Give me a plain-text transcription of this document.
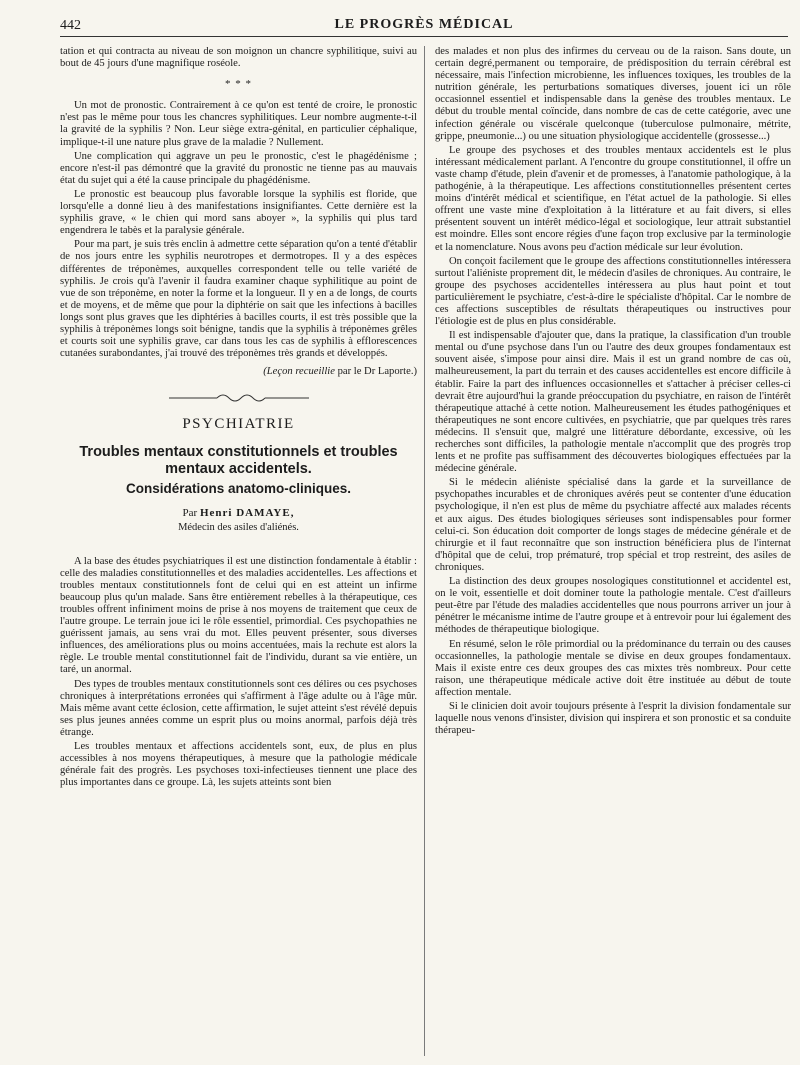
442	LE PROGRÈS MÉDICAL

tation et qui contracta au niveau de son moignon un chancre syphilitique, suivi au bout de 45 jours d'une magnifique roséole.

* * *

Un mot de pronostic. Contrairement à ce qu'on est tenté de croire, le pronostic n'est pas le même pour tous les chancres syphilitiques. Leur nombre augmente-t-il la gravité de la syphilis ? Non. Leur siège extra-génital, en particulier céphalique, implique-t-il une nature plus grave de la maladie ? Nullement.

Une complication qui aggrave un peu le pronostic, c'est le phagédénisme ; encore n'est-il pas démontré que la gravité du pronostic ne tienne pas au mauvais état du sujet qui a été la cause principale du phagédénisme.

Le pronostic est beaucoup plus favorable lorsque la syphilis est floride, que lorsqu'elle a donné lieu à des manifestations insignifiantes. Cette dernière est la syphilis grave, « le chien qui mord sans aboyer », la syphilis qui plus tard engendrera le tabès et la paralysie générale.

Pour ma part, je suis très enclin à admettre cette séparation qu'on a tenté d'établir de nos jours entre les syphilis neurotropes et dermotropes. Il y a des espèces différentes de tréponèmes, auxquelles correspondent telle ou telle variété de syphilis. Je crois qu'à l'avenir il faudra examiner chaque syphilitique au point de vue de son tréponème, en noter la forme et la longueur. Il y en a de longs, de courts et de moyens, et de même que pour la diphtérie on sait que les infections à bacilles longs sont plus graves que les diphtéries à bacilles courts, il est très possible que la syphilis à tréponèmes longs soit bénigne, tandis que la syphilis à tréponèmes grêles et courts soit une syphilis grave, car dans tous les cas de syphilis à efflorescences cutanées surabondantes, j'ai trouvé des tréponèmes très grands et développés.

(Leçon recueillie par le Dr Laporte.)
PSYCHIATRIE
Troubles mentaux constitutionnels et troubles mentaux accidentels.
Considérations anatomo-cliniques.
Par Henri DAMAYE,
Médecin des asiles d'aliénés.

A la base des études psychiatriques il est une distinction fondamentale à établir : celle des maladies constitutionnelles et des maladies accidentelles. Les affections et troubles mentaux constitutionnels font de celui qui en est atteint un infirme beaucoup plus qu'un malade. Sans être entièrement rebelles à la thérapeutique, ces troubles offrent infiniment moins de prise à nos moyens de traitement que ceux de l'autre groupe. Le terrain joue ici le rôle essentiel, primordial. Ces psychopathies ne guérissent jamais, au sens vrai du mot. Elles peuvent présenter, sous diverses influences, des améliorations plus ou moins accentuées, mais la rechute est alors la règle. Le trouble mental constitutionnel fait de l'individu, durant sa vie entière, un taré, un anormal.

Des types de troubles mentaux constitutionnels sont ces délires ou ces psychoses chroniques à interprétations erronées qui s'affirment à l'âge adulte ou à l'âge mûr. Mais même avant cette éclosion, cette affirmation, le sujet atteint s'est révélé depuis ses plus jeunes années comme un esprit plus ou moins anormal, parfois déjà très étrange.

Les troubles mentaux et affections accidentels sont, eux, de plus en plus accessibles à nos moyens thérapeutiques, à mesure que la pathologie médicale générale fait des progrès. Les psychoses toxi-infectieuses tiennent une place des plus importantes dans ce groupe. Là, les sujets atteints sont bien

des malades et non plus des infirmes du cerveau ou de la raison. Sans doute, un certain degré,permanent ou temporaire, de prédisposition du terrain cérébral est nécessaire, mais l'infection microbienne, les influences toxiques, les troubles de la nutrition générale, les perturbations somatiques diverses, jouent ici un rôle occasionnel essentiel et indispensable dans la genèse des troubles mentaux. Le début du trouble mental coïncide, dans nombre de cas de cette catégorie, avec une infection générale ou viscérale quelconque (tuberculose pulmonaire, métrite, grippe, pneumonie...) ou une situation physiologique accidentelle (grossesse...)

Le groupe des psychoses et des troubles mentaux accidentels est le plus intéressant médicalement parlant. A l'encontre du groupe constitutionnel, il offre un vaste champ d'étude, plein d'avenir et de promesses, à l'anatomie pathologique, à la pathogénie, à la thérapeutique. Les affections constitutionnelles présentent certes moins d'intérêt médical et scientifique, en l'état actuel de la pathologie. Si elles offrent une vaste mine d'exploitation à la littérature et au fait divers, si elles présentent souvent un intérêt médico-légal et sociologique, leur attrait substantiel est moindre. Elles sont encore régies d'une façon trop exclusive par la terminologie et la nomenclature. Nous avons peu d'action médicale sur leur évolution.

On conçoit facilement que le groupe des affections constitutionnelles intéressera surtout l'aliéniste proprement dit, le médecin d'asiles de chroniques. Au contraire, le groupe des psychoses accidentelles intéressera au plus haut point et tout particulièrement le psychiatre, c'est-à-dire le spécialiste d'hôpital. Car le nombre de ces affections susceptibles de résultats thérapeutiques ou instructives pour l'étiologie est de plus en plus considérable.

Il est indispensable d'ajouter que, dans la pratique, la classification d'un trouble mental ou d'une psychose dans l'un ou l'autre des deux groupes fondamentaux est souvent aisée, s'impose pour ainsi dire. Mais il est un grand nombre de cas où, malheureusement, la part du terrain et des causes accidentelles est encore difficile à établir. Faire la part des influences occasionnelles et s'attacher à préciser celles-ci devrait être aujourd'hui la grande préoccupation du psychiatre, en raison de l'intérêt thérapeutique attaché à cette notion. Malheureusement les études pathogéniques et thérapeutiques ne sont encore cultivées, en psychiatrie, que par quelques très rares médecins. Il s'ensuit que, malgré une littérature débordante, excessive, où les recherches sont difficiles, la pathologie mentale n'accomplit que des progrès trop lents et ne profite pas suffisamment des découvertes biologiques effectuées par la médecine générale.

Si le médecin aliéniste spécialisé dans la garde et la surveillance de psychopathes incurables et de chroniques avérés peut se contenter d'une éducation psychologique, il n'en est plus de même du psychiatre affecté aux malades récents et aux aigus. Des études biologiques sérieuses sont indispensables pour former celui-ci. Son éducation doit comporter de longs stages de médecine générale et de chirurgie et il faut reconnaître que son instruction bénéficiera plus de l'internat d'hôpital que de celui, trop prématuré, trop spécial et trop restreint, des asiles de chroniques.

La distinction des deux groupes nosologiques constitutionnel et accidentel est, on le voit, essentielle et doit dominer toute la pathologie mentale. C'est d'ailleurs peut-être par l'étude des maladies accidentelles que nous pourrons arriver un jour à pénétrer le mécanisme intime de l'autre groupe et à entrevoir pour lui également des méthodes de thérapeutique biologique.

En résumé, selon le rôle primordial ou la prédominance du terrain ou des causes occasionnelles, la pathologie mentale se divise en deux groupes fondamentaux. Mais il existe entre ces deux groupes des cas mixtes très nombreux. Pour cette raison, une thérapeutique médicale active doit être instituée au début de toute affection mentale.

Si le clinicien doit avoir toujours présente à l'esprit la division fondamentale sur laquelle nous venons d'insister, division qui inspirera et son pronostic et sa conduite thérapeu-
